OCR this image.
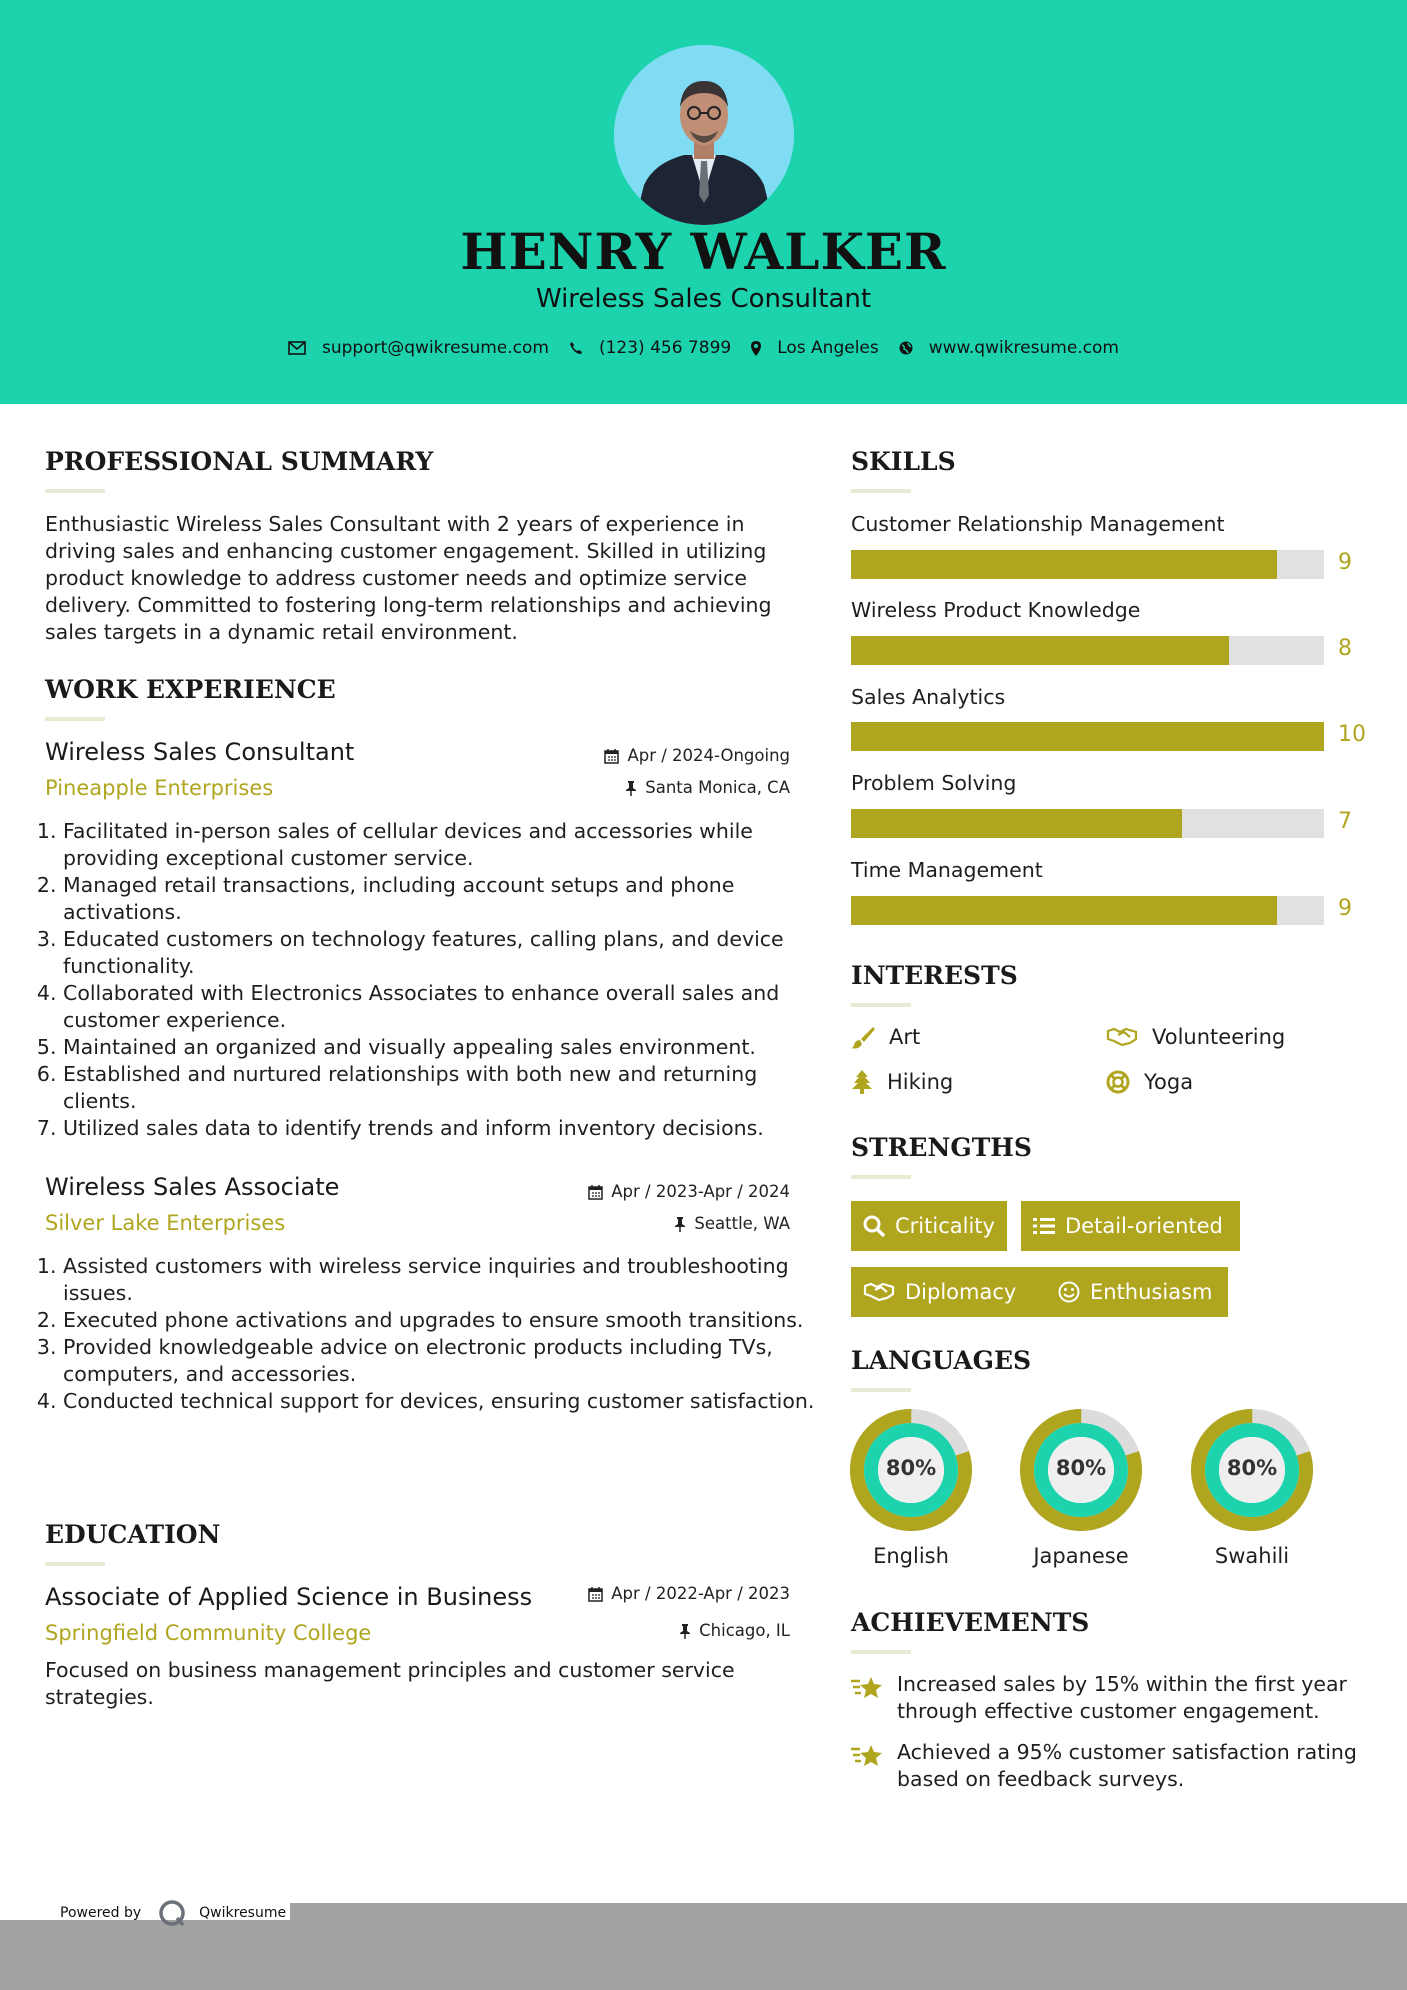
HENRY WALKER
Wireless Sales Consultant
support@qwikresume.com	(123) 456 7899	Los Angeles	www.qwikresume.com
PROFESSIONAL SUMMARY
Enthusiastic Wireless Sales Consultant with 2 years of experience in driving sales and enhancing customer engagement. Skilled in utilizing product knowledge to address customer needs and optimize service delivery. Committed to fostering long-term relationships and achieving sales targets in a dynamic retail environment.
WORK EXPERIENCE
Wireless Sales Consultant	Apr / 2024-Ongoing
Pineapple Enterprises	Santa Monica, CA
1. Facilitated in-person sales of cellular devices and accessories while providing exceptional customer service.
2. Managed retail transactions, including account setups and phone activations.
3. Educated customers on technology features, calling plans, and device functionality.
4. Collaborated with Electronics Associates to enhance overall sales and customer experience.
5. Maintained an organized and visually appealing sales environment.
6. Established and nurtured relationships with both new and returning clients.
7. Utilized sales data to identify trends and inform inventory decisions.
Wireless Sales Associate	Apr / 2023-Apr / 2024
Silver Lake Enterprises	Seattle, WA
1. Assisted customers with wireless service inquiries and troubleshooting issues.
2. Executed phone activations and upgrades to ensure smooth transitions.
3. Provided knowledgeable advice on electronic products including TVs, computers, and accessories.
4. Conducted technical support for devices, ensuring customer satisfaction.
EDUCATION
Associate of Applied Science in Business	Apr / 2022-Apr / 2023
Springfield Community College	Chicago, IL
Focused on business management principles and customer service strategies.
SKILLS
Customer Relationship Management
9
Wireless Product Knowledge
8
Sales Analytics
10
Problem Solving
7
Time Management
9
INTERESTS
Art	Volunteering
Hiking	Yoga
STRENGTHS
Criticality	Detail-oriented
Diplomacy	Enthusiasm
LANGUAGES
80%
English
80%
Japanese
80%
Swahili
ACHIEVEMENTS
Increased sales by 15% within the first year through effective customer engagement.
Achieved a 95% customer satisfaction rating based on feedback surveys.
Powered by	Qwikresume
